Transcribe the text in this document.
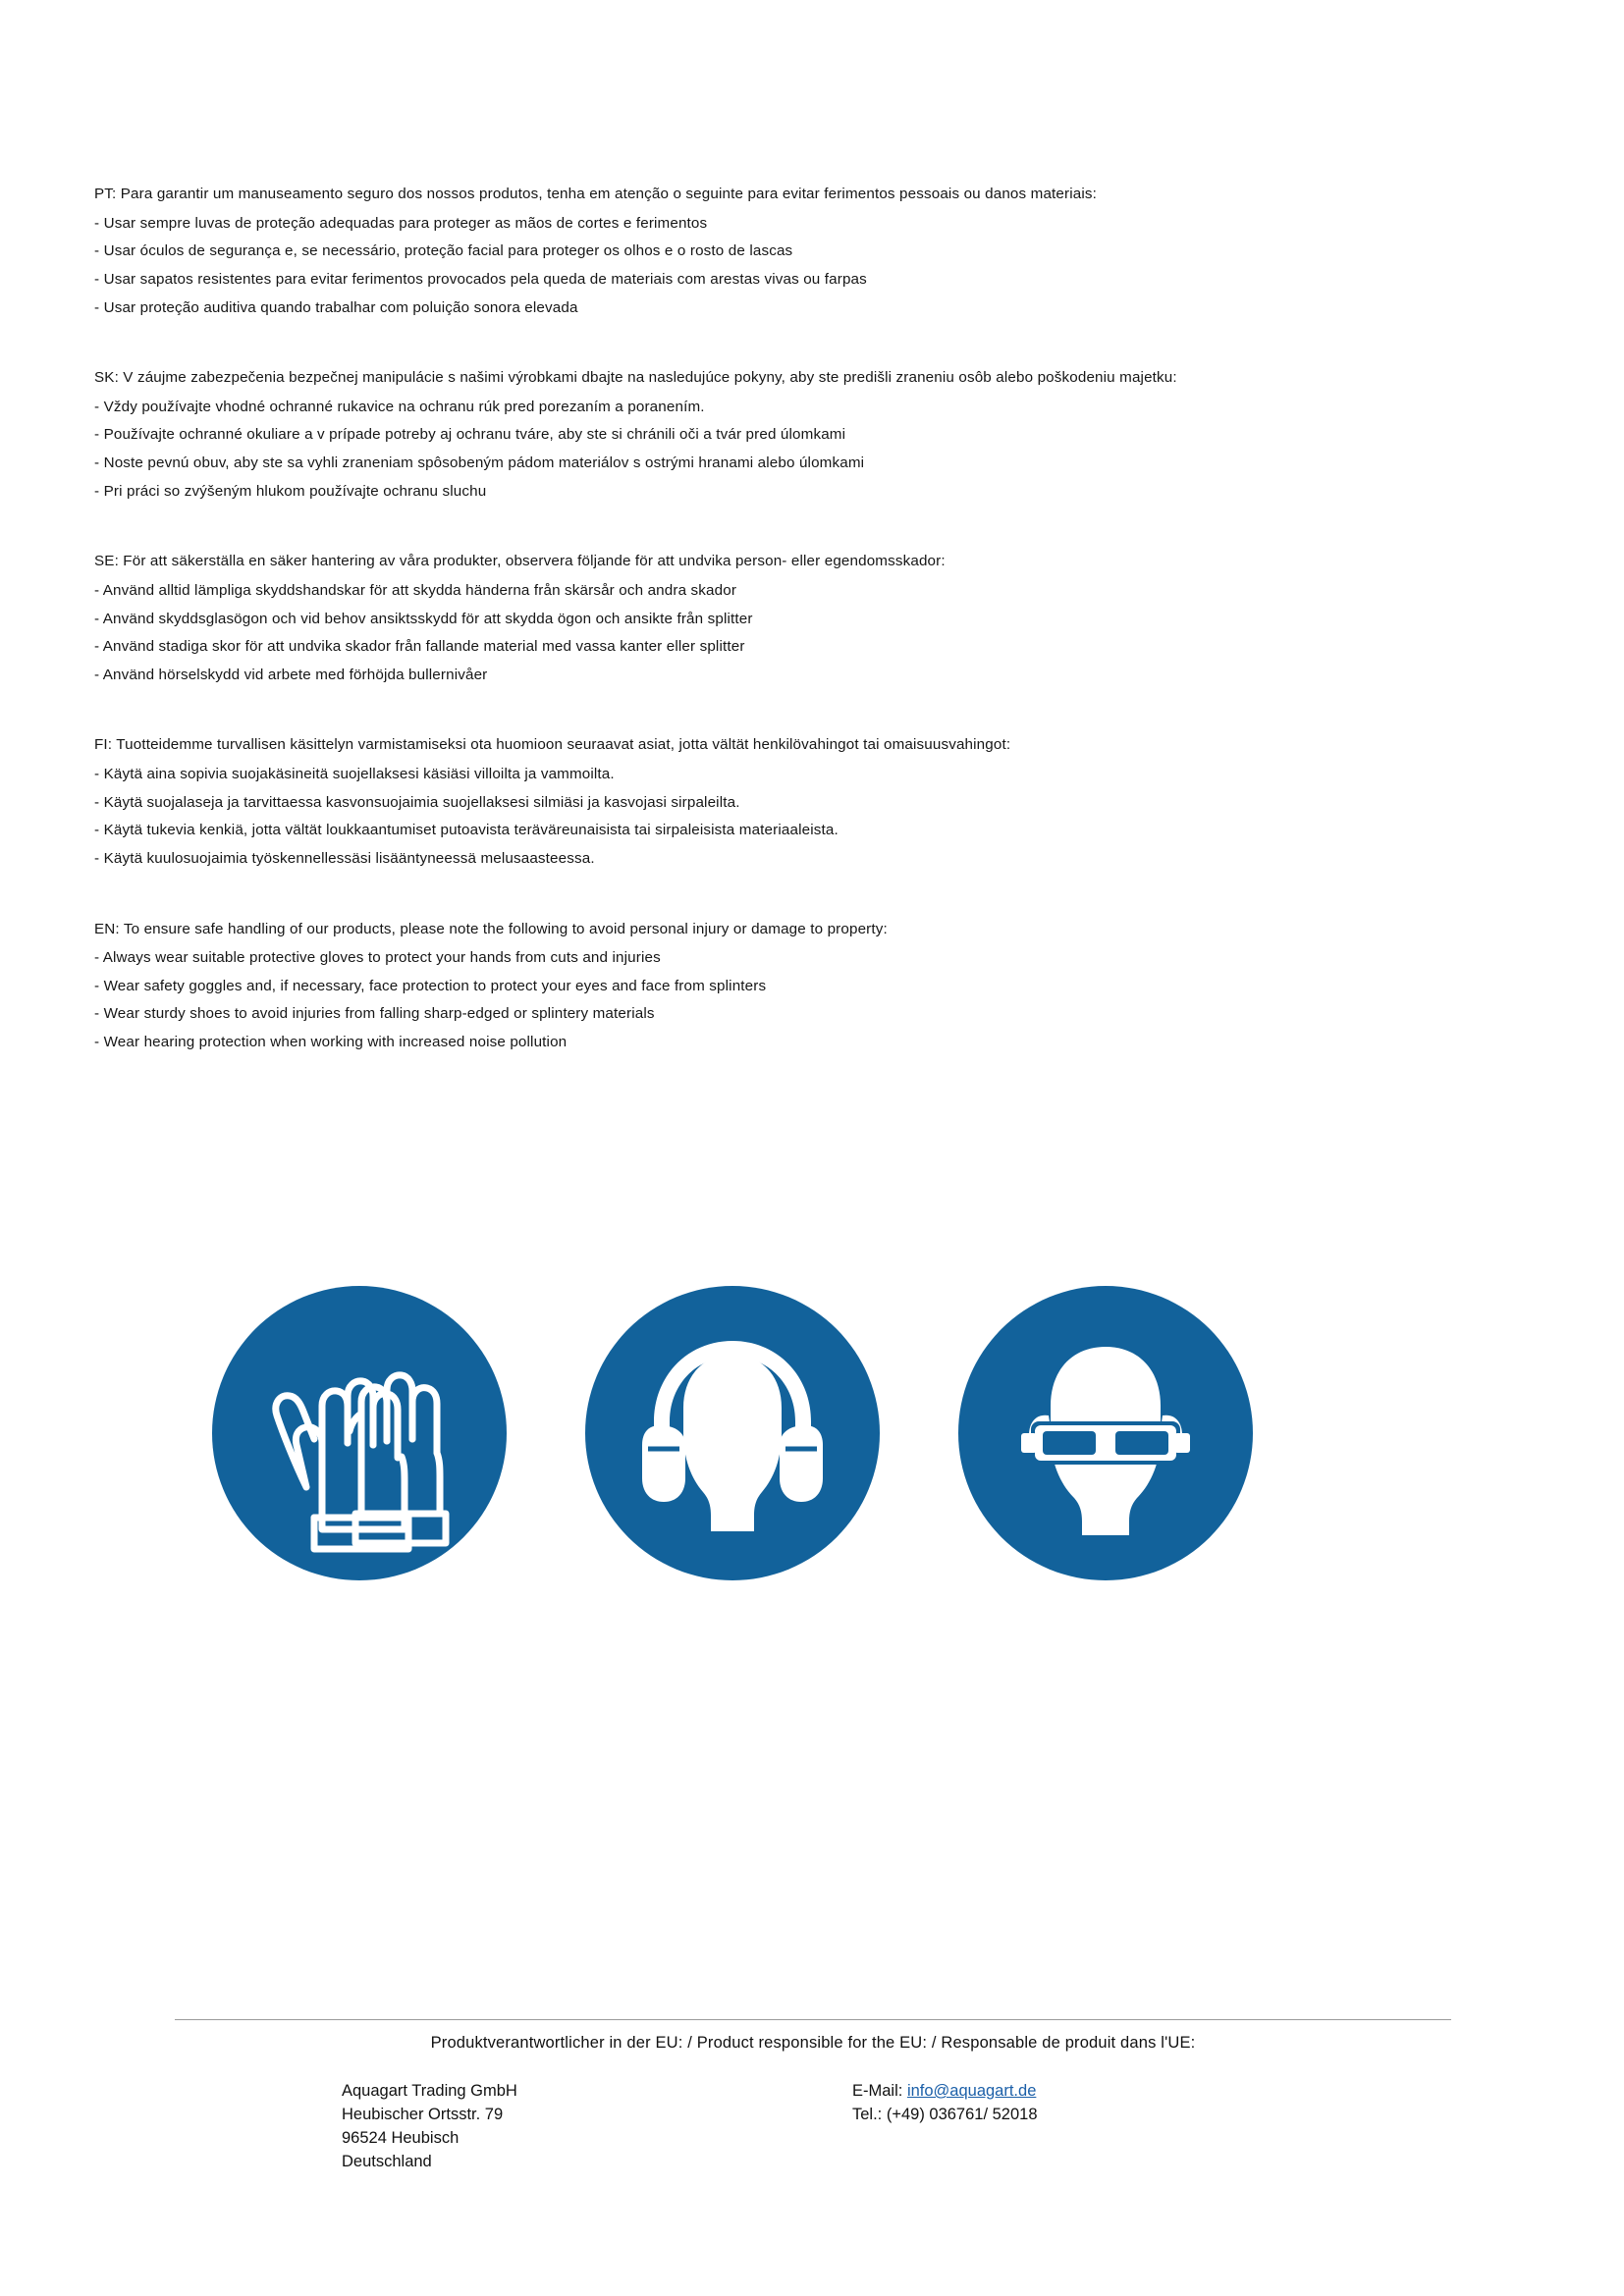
PT: Para garantir um manuseamento seguro dos nossos produtos, tenha em atenção o seguinte para evitar ferimentos pessoais ou danos materiais:

- Usar sempre luvas de proteção adequadas para proteger as mãos de cortes e ferimentos

- Usar óculos de segurança e, se necessário, proteção facial para proteger os olhos e o rosto de lascas

- Usar sapatos resistentes para evitar ferimentos provocados pela queda de materiais com arestas vivas ou farpas

- Usar proteção auditiva quando trabalhar com poluição sonora elevada

SK: V záujme zabezpečenia bezpečnej manipulácie s našimi výrobkami dbajte na nasledujúce pokyny, aby ste predišli zraneniu osôb alebo poškodeniu majetku:

- Vždy používajte vhodné ochranné rukavice na ochranu rúk pred porezaním a poranením.

- Používajte ochranné okuliare a v prípade potreby aj ochranu tváre, aby ste si chránili oči a tvár pred úlomkami

- Noste pevnú obuv, aby ste sa vyhli zraneniam spôsobeným pádom materiálov s ostrými hranami alebo úlomkami

- Pri práci so zvýšeným hlukom používajte ochranu sluchu

SE: För att säkerställa en säker hantering av våra produkter, observera följande för att undvika person- eller egendomsskador:

- Använd alltid lämpliga skyddshandskar för att skydda händerna från skärsår och andra skador

- Använd skyddsglasögon och vid behov ansiktsskydd för att skydda ögon och ansikte från splitter

- Använd stadiga skor för att undvika skador från fallande material med vassa kanter eller splitter

- Använd hörselskydd vid arbete med förhöjda bullernivåer

FI: Tuotteidemme turvallisen käsittelyn varmistamiseksi ota huomioon seuraavat asiat, jotta vältät henkilövahingot tai omaisuusvahingot:

- Käytä aina sopivia suojakäsineitä suojellaksesi käsiäsi villoilta ja vammoilta.

- Käytä suojalaseja ja tarvittaessa kasvonsuojaimia suojellaksesi silmiäsi ja kasvojasi sirpaleilta.

- Käytä tukevia kenkiä, jotta vältät loukkaantumiset putoavista teräväreunaisista tai sirpaleisista materiaaleista.

- Käytä kuulosuojaimia työskennellessäsi lisääntyneessä melusaasteessa.

EN: To ensure safe handling of our products, please note the following to avoid personal injury or damage to property:

- Always wear suitable protective gloves to protect your hands from cuts and injuries

- Wear safety goggles and, if necessary, face protection to protect your eyes and face from splinters

- Wear sturdy shoes to avoid injuries from falling sharp-edged or splintery materials

- Wear hearing protection when working with increased noise pollution

Produktverantwortlicher in der EU: / Product responsible for the EU: / Responsable de produit dans l'UE:
Aquagart Trading GmbH
Heubischer Ortsstr. 79
96524 Heubisch
Deutschland
E-Mail: info@aquagart.de
Tel.: (+49) 036761/ 52018
